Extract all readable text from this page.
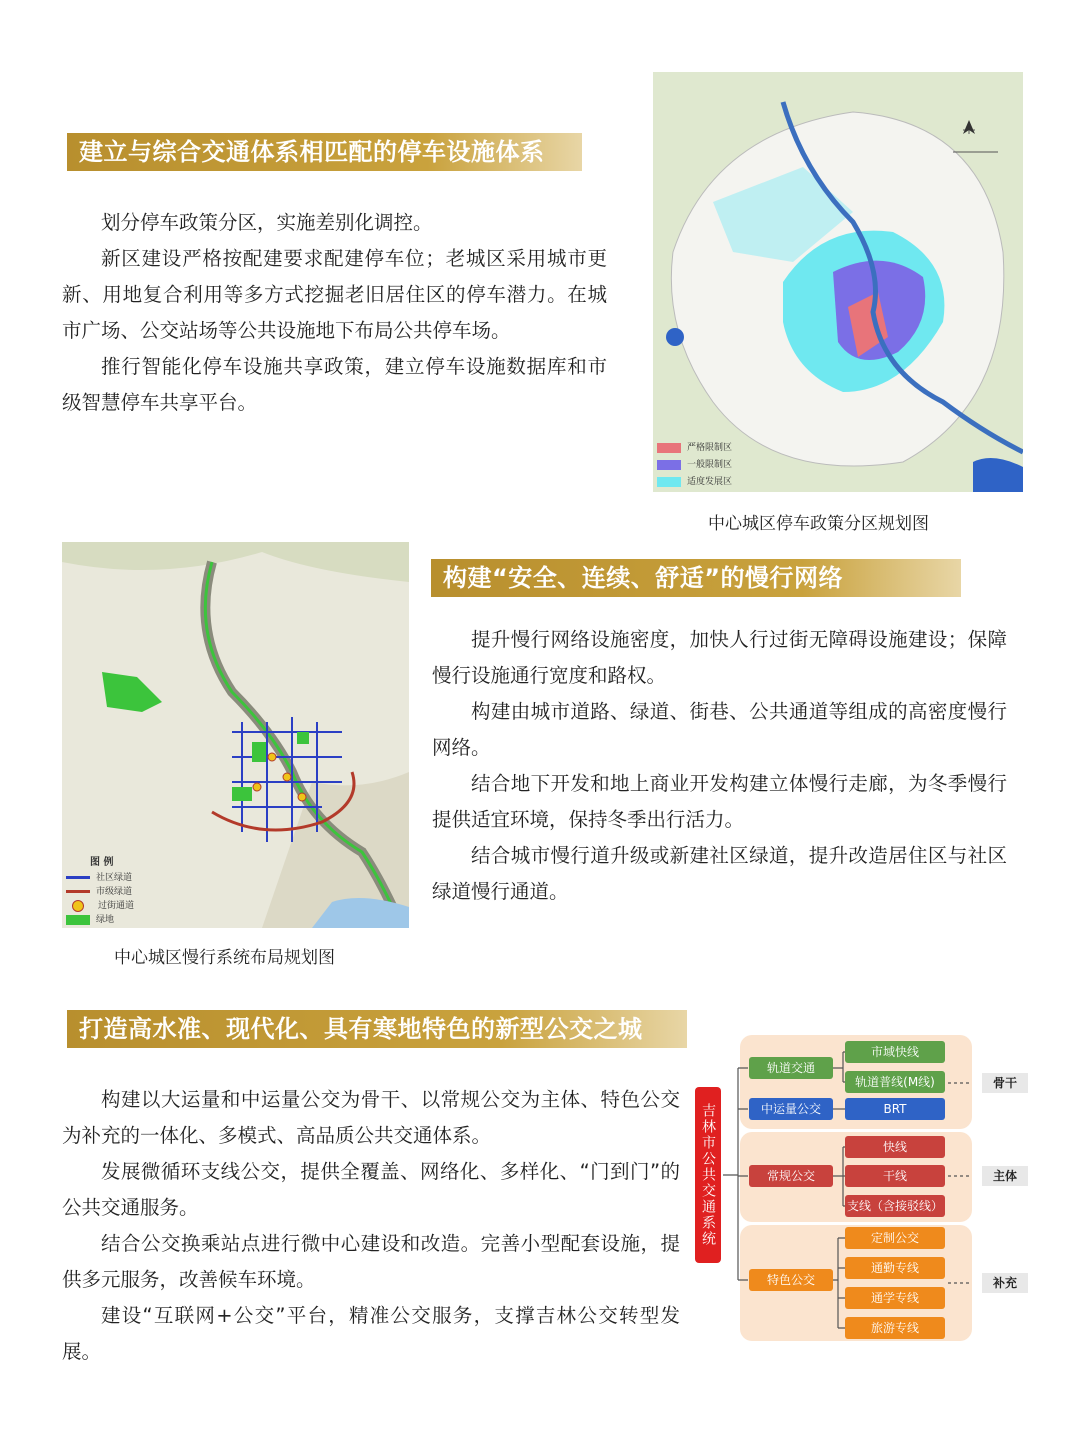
建立与综合交通体系相匹配的停车设施体系

划分停车政策分区，实施差别化调控。

新区建设严格按配建要求配建停车位；老城区采用城市更新、用地复合利用等多方式挖掘老旧居住区的停车潜力。在城市广场、公交站场等公共设施地下布局公共停车场。

推行智能化停车设施共享政策，建立停车设施数据库和市级智慧停车共享平台。

严格限制区
一般限制区
适度发展区
中心城区停车政策分区规划图
图 例
社区绿道
市级绿道
过街通道
绿地
中心城区慢行系统布局规划图
构建“安全、连续、舒适”的慢行网络

提升慢行网络设施密度，加快人行过街无障碍设施建设；保障慢行设施通行宽度和路权。

构建由城市道路、绿道、街巷、公共通道等组成的高密度慢行网络。

结合地下开发和地上商业开发构建立体慢行走廊，为冬季慢行提供适宜环境，保持冬季出行活力。

结合城市慢行道升级或新建社区绿道，提升改造居住区与社区绿道慢行通道。

打造高水准、现代化、具有寒地特色的新型公交之城

构建以大运量和中运量公交为骨干、以常规公交为主体、特色公交为补充的一体化、多模式、高品质公共交通体系。

发展微循环支线公交，提供全覆盖、网络化、多样化、“门到门”的公共交通服务。

结合公交换乘站点进行微中心建设和改造。完善小型配套设施，提供多元服务，改善候车环境。

建设“互联网+公交”平台，精准公交服务，支撑吉林公交转型发展。

吉林市公共交通系统
轨道交通
中运量公交
常规公交
特色公交
市域快线
轨道普线(M线)
BRT
快线
干线
支线（含接驳线）
定制公交
通勤专线
通学专线
旅游专线
骨干
主体
补充
